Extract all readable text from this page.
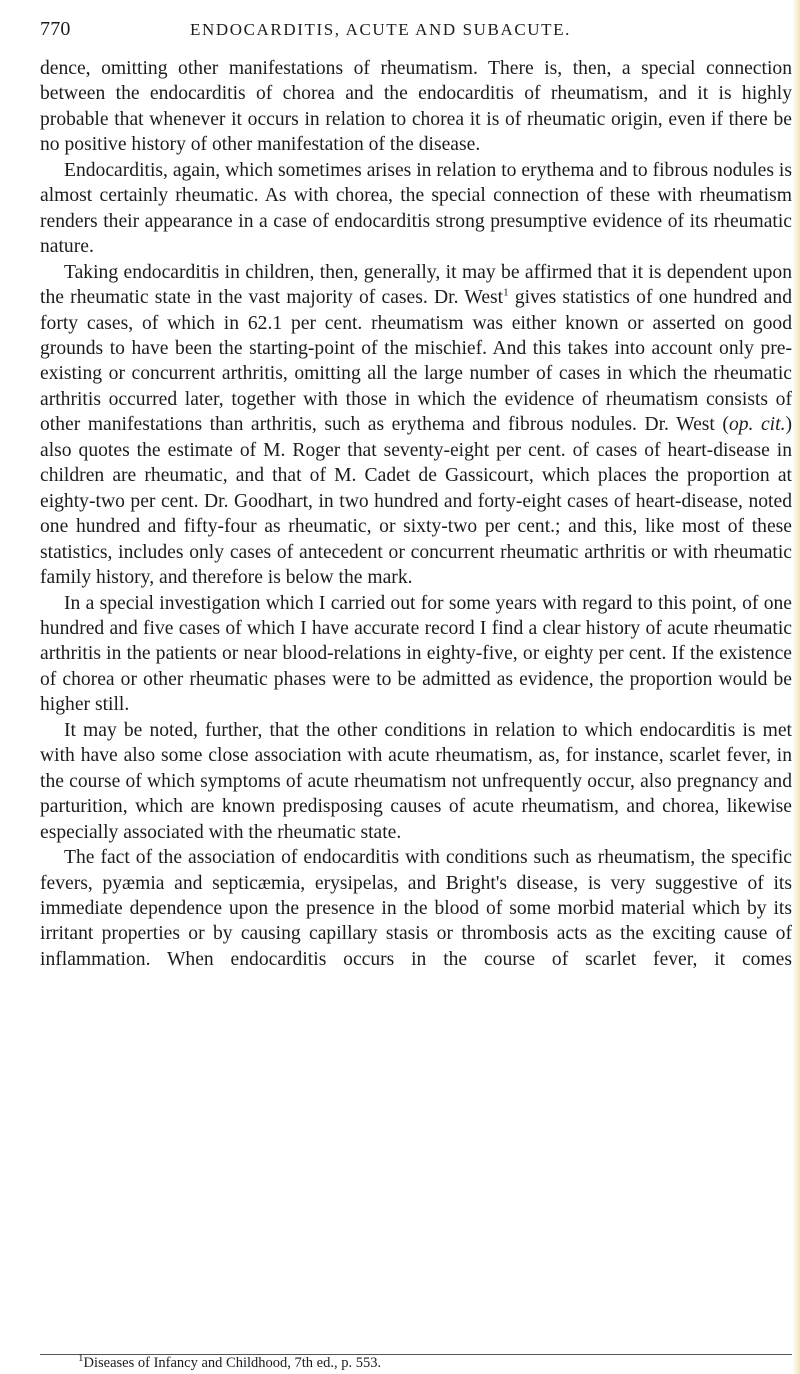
770	ENDOCARDITIS, ACUTE AND SUBACUTE.

dence, omitting other manifestations of rheumatism. There is, then, a special connection between the endocarditis of chorea and the endocarditis of rheumatism, and it is highly probable that whenever it occurs in relation to chorea it is of rheumatic origin, even if there be no positive history of other manifestation of the disease.

Endocarditis, again, which sometimes arises in relation to erythema and to fibrous nodules is almost certainly rheumatic. As with chorea, the special connection of these with rheumatism renders their appearance in a case of endocarditis strong presumptive evidence of its rheumatic nature.

Taking endocarditis in children, then, generally, it may be affirmed that it is dependent upon the rheumatic state in the vast majority of cases. Dr. West$^1$ gives statistics of one hundred and forty cases, of which in 62.1 per cent. rheumatism was either known or asserted on good grounds to have been the starting-point of the mischief. And this takes into account only pre-existing or concurrent arthritis, omitting all the large number of cases in which the rheumatic arthritis occurred later, together with those in which the evidence of rheumatism consists of other manifestations than arthritis, such as erythema and fibrous nodules. Dr. West (op. cit.) also quotes the estimate of M. Roger that seventy-eight per cent. of cases of heart-disease in children are rheumatic, and that of M. Cadet de Gassicourt, which places the proportion at eighty-two per cent. Dr. Goodhart, in two hundred and forty-eight cases of heart-disease, noted one hundred and fifty-four as rheumatic, or sixty-two per cent.; and this, like most of these statistics, includes only cases of antecedent or concurrent rheumatic arthritis or with rheumatic family history, and therefore is below the mark.

In a special investigation which I carried out for some years with regard to this point, of one hundred and five cases of which I have accurate record I find a clear history of acute rheumatic arthritis in the patients or near blood-relations in eighty-five, or eighty per cent. If the existence of chorea or other rheumatic phases were to be admitted as evidence, the proportion would be higher still.

It may be noted, further, that the other conditions in relation to which endocarditis is met with have also some close association with acute rheumatism, as, for instance, scarlet fever, in the course of which symptoms of acute rheumatism not unfrequently occur, also pregnancy and parturition, which are known predisposing causes of acute rheumatism, and chorea, likewise especially associated with the rheumatic state.

The fact of the association of endocarditis with conditions such as rheumatism, the specific fevers, pyæmia and septicæmia, erysipelas, and Bright's disease, is very suggestive of its immediate dependence upon the presence in the blood of some morbid material which by its irritant properties or by causing capillary stasis or thrombosis acts as the exciting cause of inflammation. When endocarditis occurs in the course of scarlet fever, it comes

$^1$Diseases of Infancy and Childhood, 7th ed., p. 553.
